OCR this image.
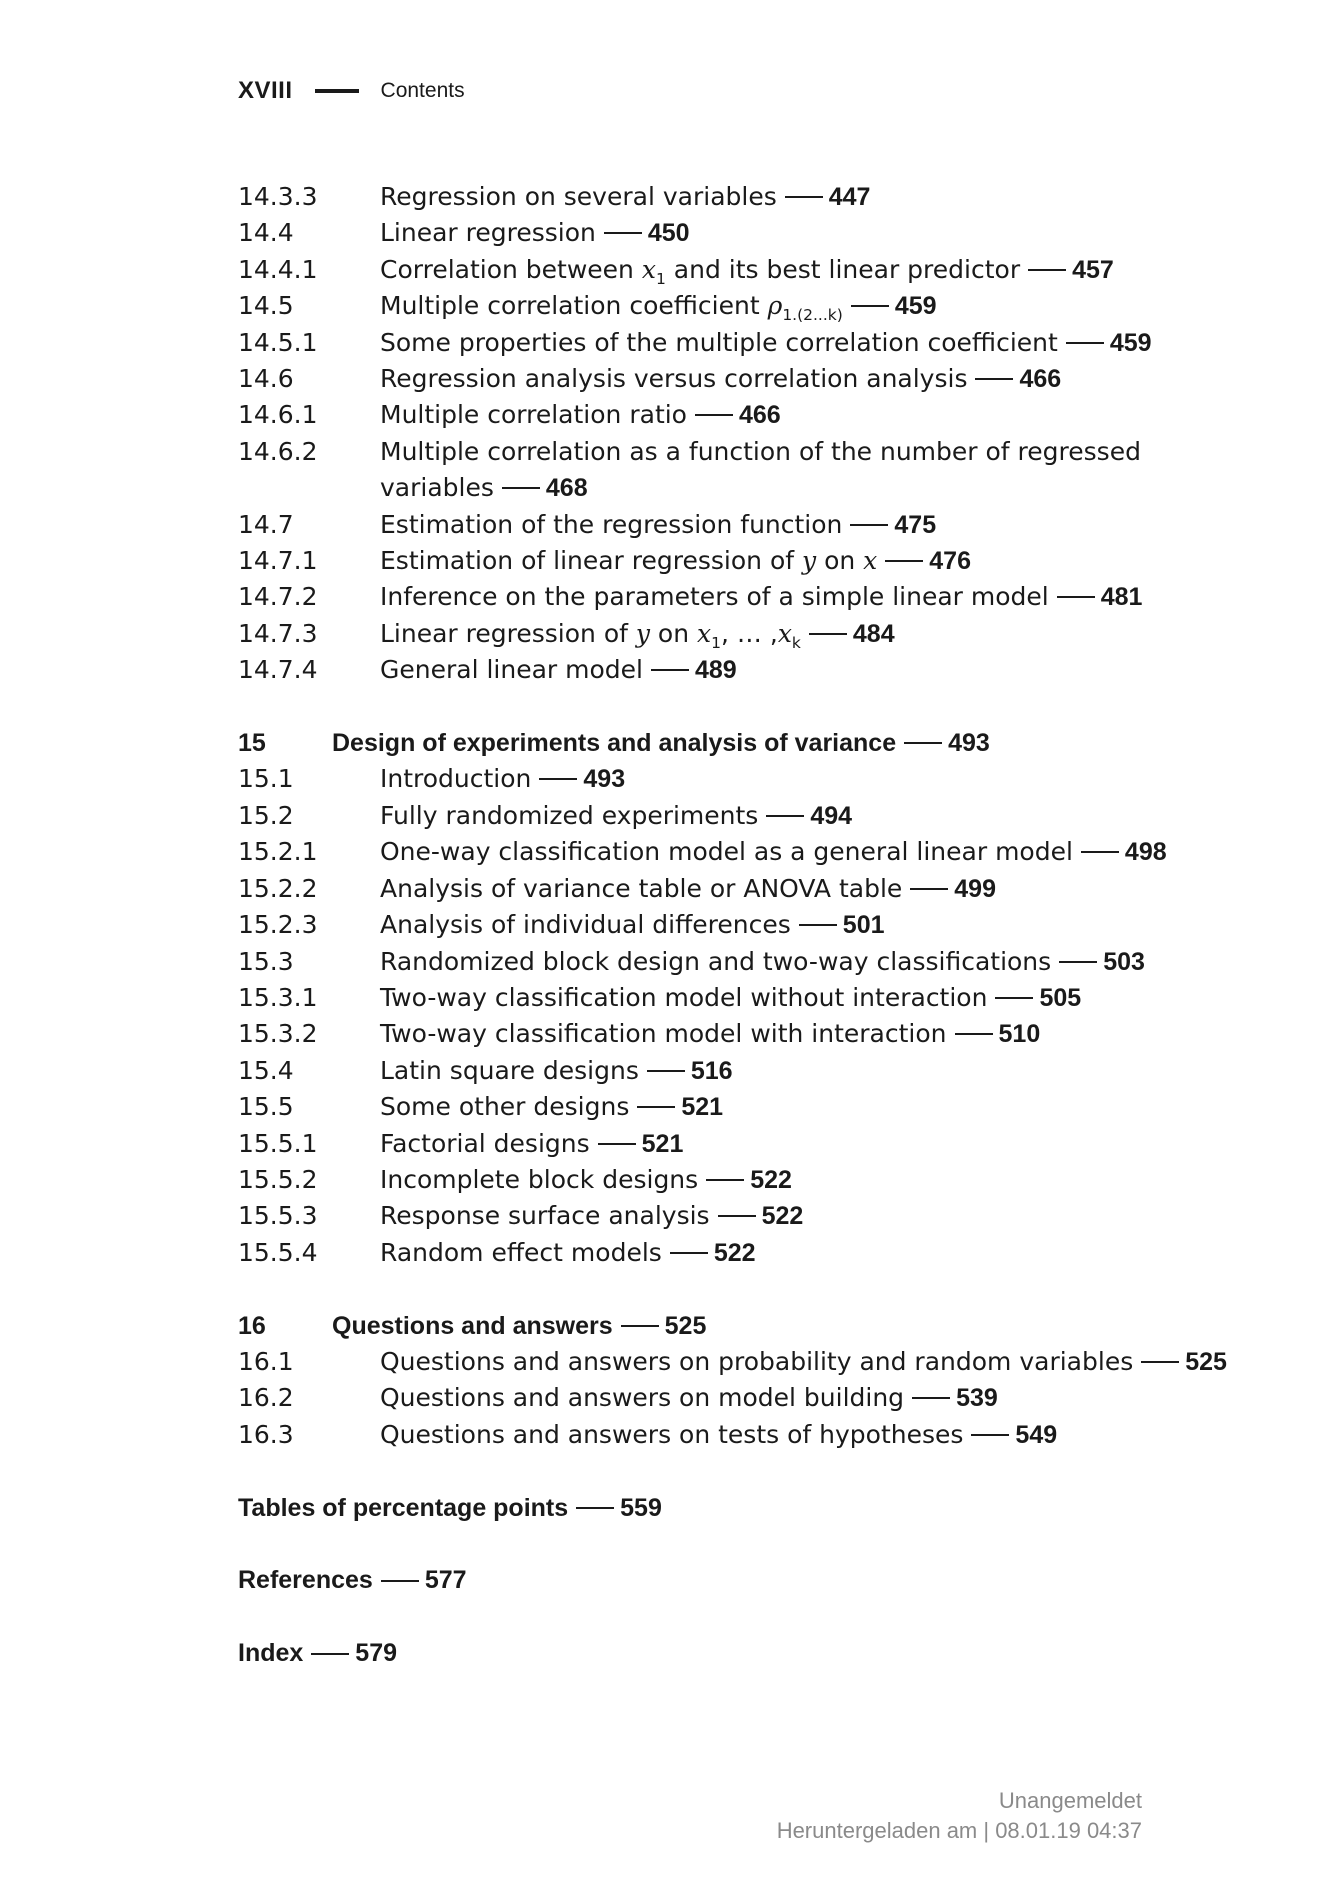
XVIII	Contents
14.3.3 Regression on several variables 447
14.4	Linear regression 450
14.4.1 Correlation between $x_1$ and its best linear predictor 457
14.5	Multiple correlation coefficient $\rho_{1.(2...k)}$ 459
14.5.1 Some properties of the multiple correlation coefficient 459
14.6	Regression analysis versus correlation analysis 466
14.6.1 Multiple correlation ratio 466
14.6.2 Multiple correlation as a function of the number of regressed
variables 468
14.7	Estimation of the regression function 475
14.7.1 Estimation of linear regression of y on x 476
14.7.2 Inference on the parameters of a simple linear model 481
14.7.3 Linear regression of y on $x_1$, … $,x_k$ 484
14.7.4 General linear model 489
15	Design of experiments and analysis of variance 493
15.1	Introduction 493
15.2	Fully randomized experiments 494
15.2.1 One-way classification model as a general linear model 498
15.2.2 Analysis of variance table or ANOVA table 499
15.2.3 Analysis of individual differences 501
15.3	Randomized block design and two-way classifications 503
15.3.1 Two-way classification model without interaction 505
15.3.2 Two-way classification model with interaction 510
15.4	Latin square designs 516
15.5	Some other designs 521
15.5.1 Factorial designs 521
15.5.2 Incomplete block designs 522
15.5.3 Response surface analysis 522
15.5.4 Random effect models 522
16	Questions and answers 525
16.1	Questions and answers on probability and random variables 525
16.2	Questions and answers on model building 539
16.3	Questions and answers on tests of hypotheses 549
Tables of percentage points 559
References 577
Index 579
Unangemeldet
Heruntergeladen am | 08.01.19 04:37
